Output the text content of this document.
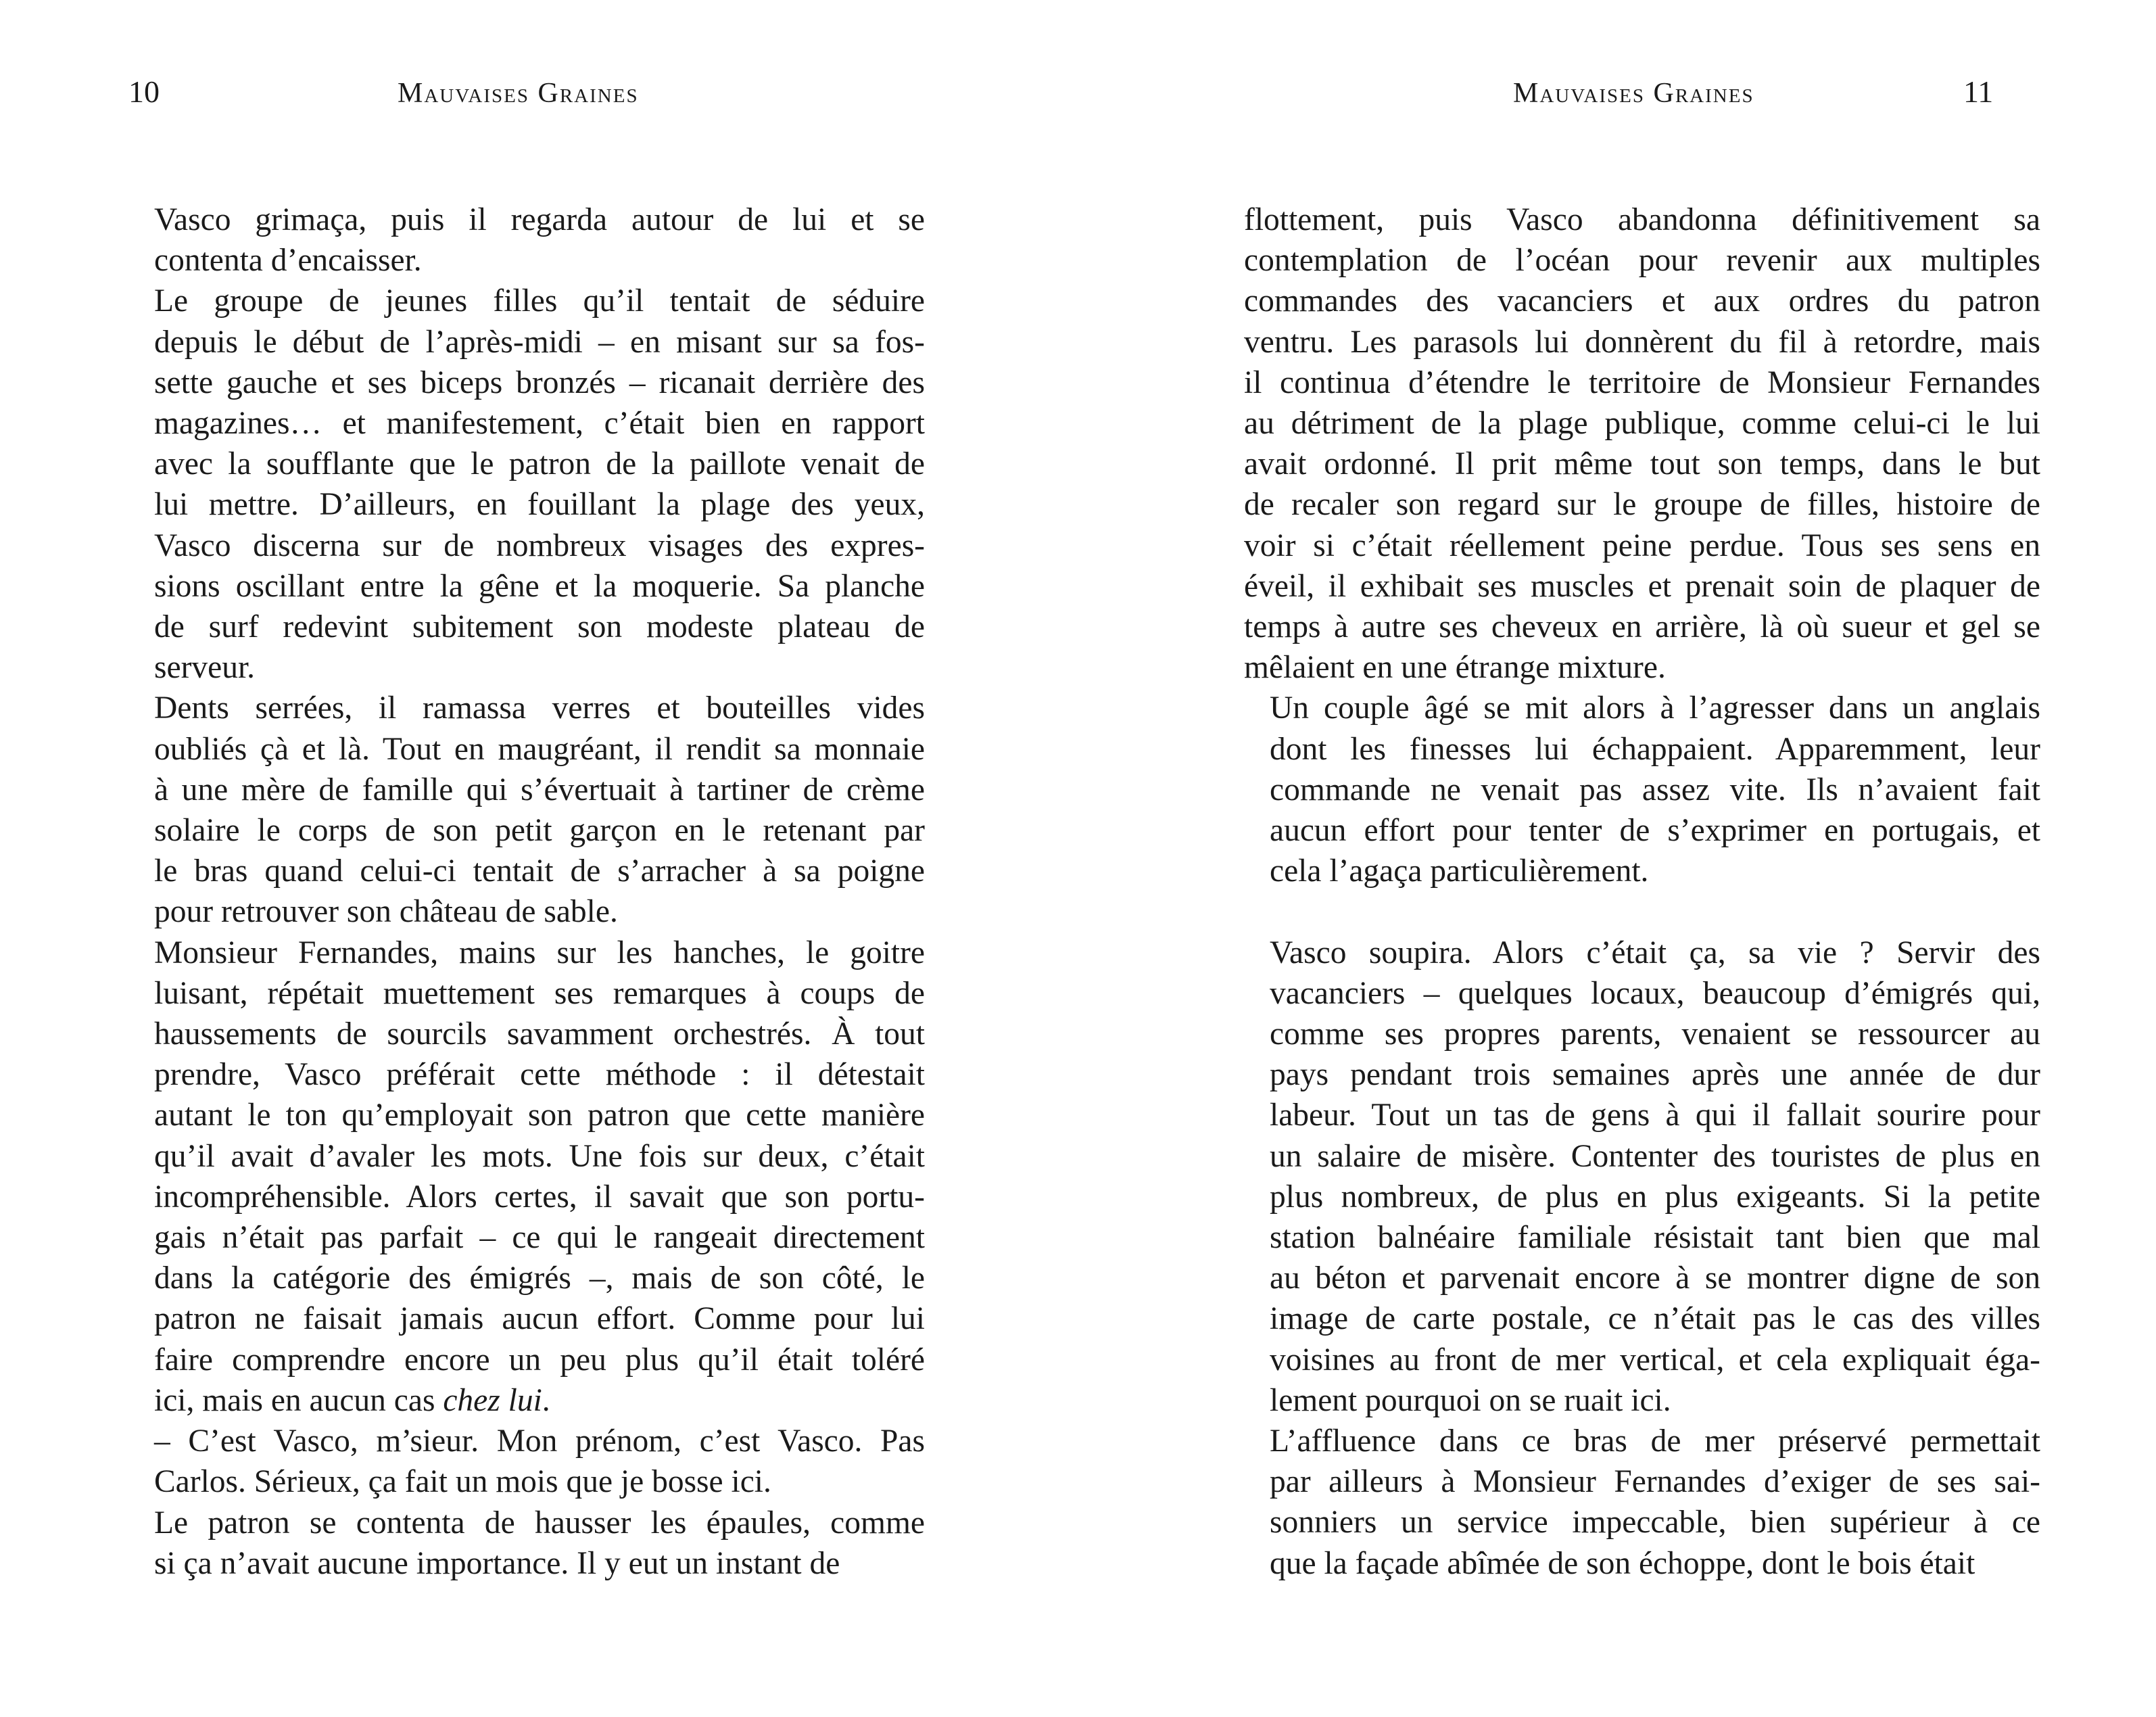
10	Mauvaises Graines

Vasco grimaça, puis il regarda autour de lui et se
contenta d’encaisser.

Le groupe de jeunes filles qu’il tentait de séduire
depuis le début de l’après-midi – en misant sur sa fos-
sette gauche et ses biceps bronzés – ricanait derrière des
magazines… et manifestement, c’était bien en rapport
avec la soufflante que le patron de la paillote venait de
lui mettre. D’ailleurs, en fouillant la plage des yeux,
Vasco discerna sur de nombreux visages des expres-
sions oscillant entre la gêne et la moquerie. Sa planche
de surf redevint subitement son modeste plateau de
serveur.

Dents serrées, il ramassa verres et bouteilles vides
oubliés çà et là. Tout en maugréant, il rendit sa monnaie
à une mère de famille qui s’évertuait à tartiner de crème
solaire le corps de son petit garçon en le retenant par
le bras quand celui-ci tentait de s’arracher à sa poigne
pour retrouver son château de sable.

Monsieur Fernandes, mains sur les hanches, le goitre
luisant, répétait muettement ses remarques à coups de
haussements de sourcils savamment orchestrés. À tout
prendre, Vasco préférait cette méthode : il détestait
autant le ton qu’employait son patron que cette manière
qu’il avait d’avaler les mots. Une fois sur deux, c’était
incompréhensible. Alors certes, il savait que son portu-
gais n’était pas parfait – ce qui le rangeait directement
dans la catégorie des émigrés –, mais de son côté, le
patron ne faisait jamais aucun effort. Comme pour lui
faire comprendre encore un peu plus qu’il était toléré
ici, mais en aucun cas chez lui.

– C’est Vasco, m’sieur. Mon prénom, c’est Vasco. Pas
Carlos. Sérieux, ça fait un mois que je bosse ici.

Le patron se contenta de hausser les épaules, comme
si ça n’avait aucune importance. Il y eut un instant de

Mauvaises Graines	11

flottement, puis Vasco abandonna définitivement sa
contemplation de l’océan pour revenir aux multiples
commandes des vacanciers et aux ordres du patron
ventru. Les parasols lui donnèrent du fil à retordre, mais
il continua d’étendre le territoire de Monsieur Fernandes
au détriment de la plage publique, comme celui-ci le lui
avait ordonné. Il prit même tout son temps, dans le but
de recaler son regard sur le groupe de filles, histoire de
voir si c’était réellement peine perdue. Tous ses sens en
éveil, il exhibait ses muscles et prenait soin de plaquer de
temps à autre ses cheveux en arrière, là où sueur et gel se
mêlaient en une étrange mixture.

Un couple âgé se mit alors à l’agresser dans un anglais
dont les finesses lui échappaient. Apparemment, leur
commande ne venait pas assez vite. Ils n’avaient fait
aucun effort pour tenter de s’exprimer en portugais, et
cela l’agaça particulièrement.

Vasco soupira. Alors c’était ça, sa vie ? Servir des
vacanciers – quelques locaux, beaucoup d’émigrés qui,
comme ses propres parents, venaient se ressourcer au
pays pendant trois semaines après une année de dur
labeur. Tout un tas de gens à qui il fallait sourire pour
un salaire de misère. Contenter des touristes de plus en
plus nombreux, de plus en plus exigeants. Si la petite
station balnéaire familiale résistait tant bien que mal
au béton et parvenait encore à se montrer digne de son
image de carte postale, ce n’était pas le cas des villes
voisines au front de mer vertical, et cela expliquait éga-
lement pourquoi on se ruait ici.

L’affluence dans ce bras de mer préservé permettait
par ailleurs à Monsieur Fernandes d’exiger de ses sai-
sonniers un service impeccable, bien supérieur à ce
que la façade abîmée de son échoppe, dont le bois était
